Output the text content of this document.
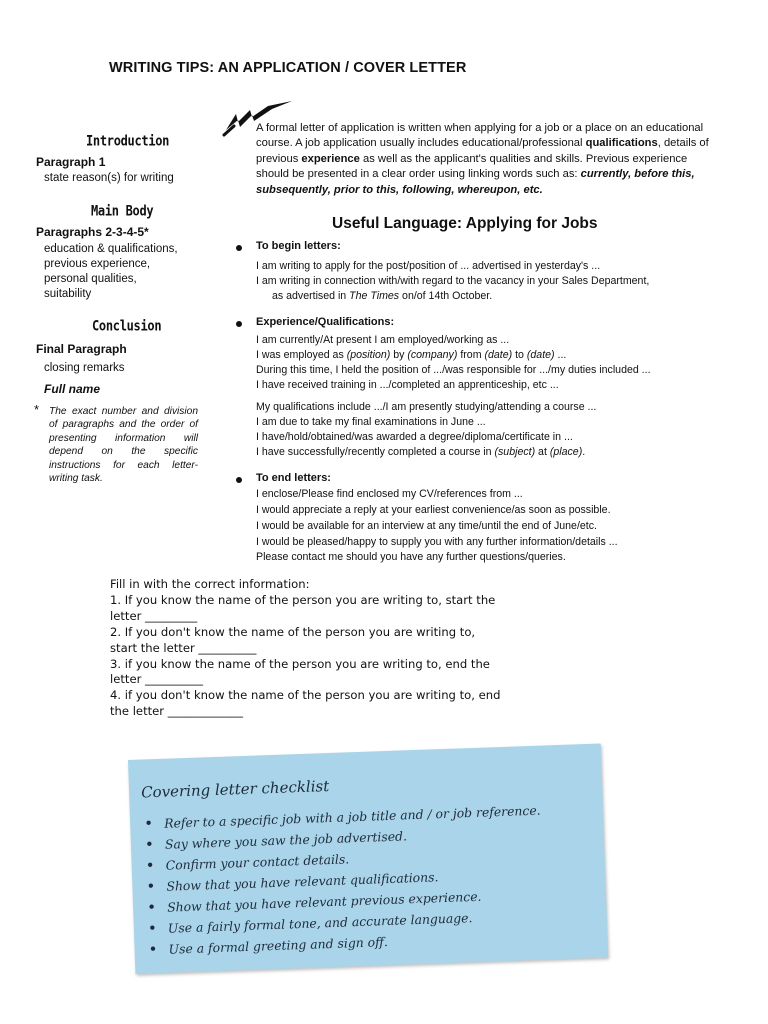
WRITING TIPS: AN APPLICATION / COVER LETTER
Introduction
Paragraph 1
state reason(s) for writing
Main Body
Paragraphs 2-3-4-5*
education & qualifications,
previous experience,
personal qualities,
suitability
Conclusion
Final Paragraph
closing remarks
Full name
* The exact number and division of paragraphs and the order of presenting information will depend on the specific instructions for each letter-writing task.
A formal letter of application is written when applying for a job or a place on an educational course. A job application usually includes educational/professional qualifications, details of previous experience as well as the applicant's qualities and skills. Previous experience should be presented in a clear order using linking words such as: currently, before this, subsequently, prior to this, following, whereupon, etc.
Useful Language: Applying for Jobs
To begin letters:
I am writing to apply for the post/position of ... advertised in yesterday's ...
I am writing in connection with/with regard to the vacancy in your Sales Department,
as advertised in The Times on/of 14th October.
Experience/Qualifications:
I am currently/At present I am employed/working as ...
I was employed as (position) by (company) from (date) to (date) ...
During this time, I held the position of .../was responsible for .../my duties included ...
I have received training in .../completed an apprenticeship, etc ...
My qualifications include .../I am presently studying/attending a course ...
I am due to take my final examinations in June ...
I have/hold/obtained/was awarded a degree/diploma/certificate in ...
I have successfully/recently completed a course in (subject) at (place).
To end letters:
I enclose/Please find enclosed my CV/references from ...
I would appreciate a reply at your earliest convenience/as soon as possible.
I would be available for an interview at any time/until the end of June/etc.
I would be pleased/happy to supply you with any further information/details ...
Please contact me should you have any further questions/queries.
Fill in with the correct information:
1. If you know the name of the person you are writing to, start the
letter _________
2. If you don't know the name of the person you are writing to,
start the letter __________
3. if you know the name of the person you are writing to, end the
letter __________
4. if you don't know the name of the person you are writing to, end
the letter _____________
Covering letter checklist
• Refer to a specific job with a job title and / or job reference.
• Say where you saw the job advertised.
• Confirm your contact details.
• Show that you have relevant qualifications.
• Show that you have relevant previous experience.
• Use a fairly formal tone, and accurate language.
• Use a formal greeting and sign off.
